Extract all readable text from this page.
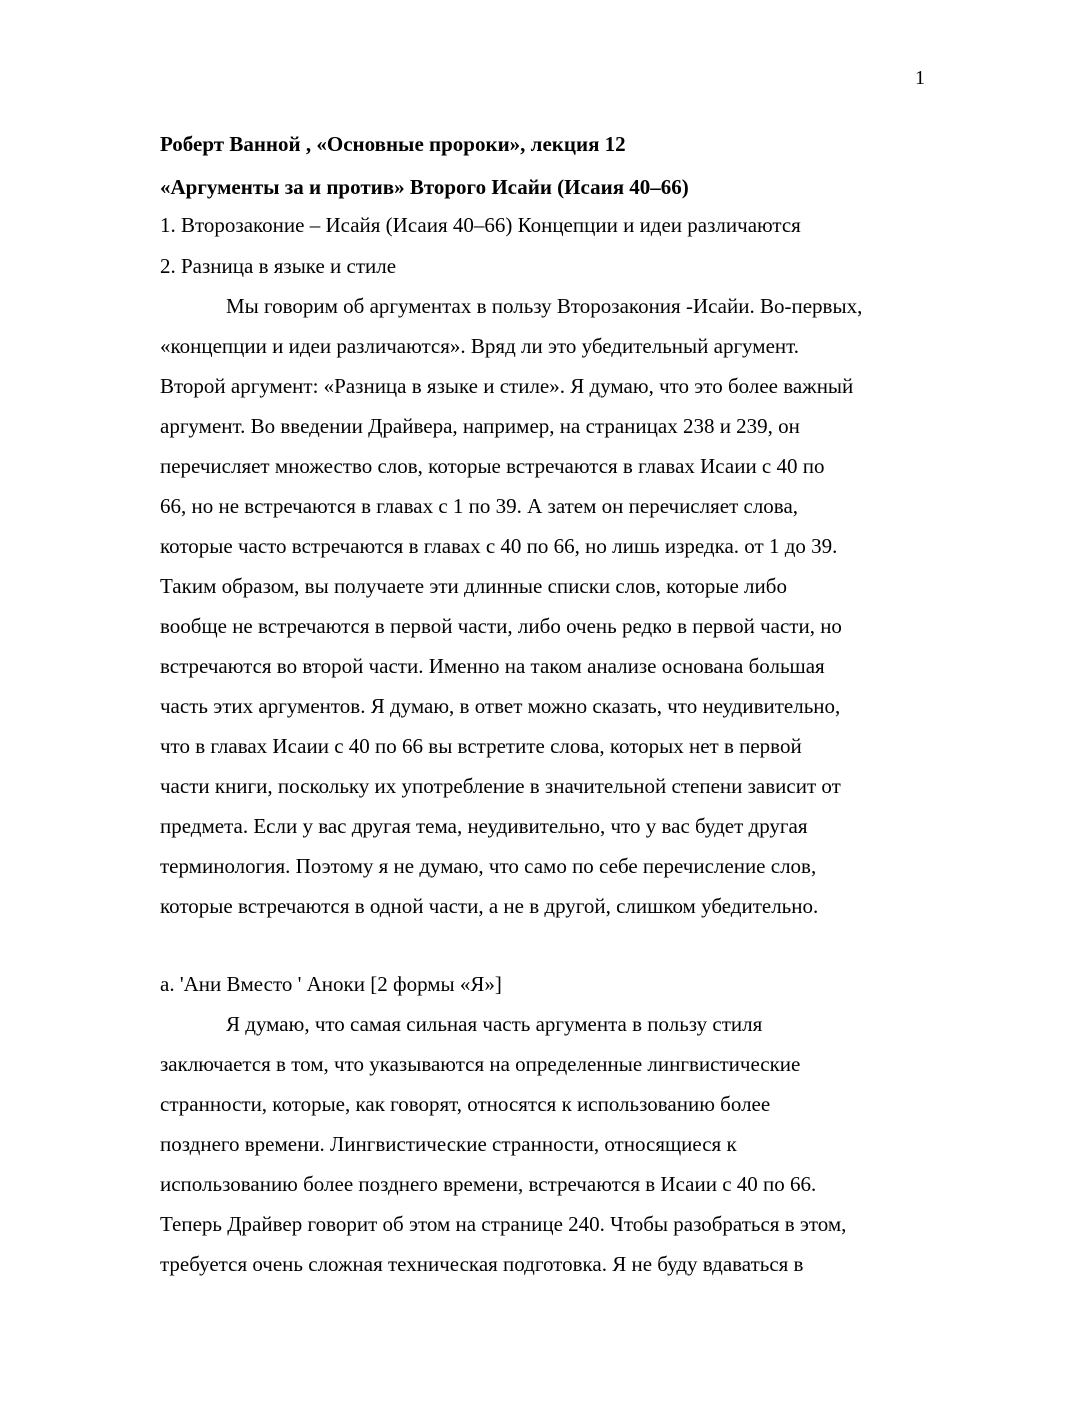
1
Роберт Ванной , «Основные пророки», лекция 12
«Аргументы за и против» Второго Исайи (Исаия 40–66)
1. Второзаконие – Исайя (Исаия 40–66) Концепции и идеи различаются
2. Разница в языке и стиле
Мы говорим об аргументах в пользу Второзакония -Исайи. Во-первых,
«концепции и идеи различаются». Вряд ли это убедительный аргумент.
Второй аргумент: «Разница в языке и стиле». Я думаю, что это более важный
аргумент. Во введении Драйвера, например, на страницах 238 и 239, он
перечисляет множество слов, которые встречаются в главах Исаии с 40 по
66, но не встречаются в главах с 1 по 39. А затем он перечисляет слова,
которые часто встречаются в главах с 40 по 66, но лишь изредка. от 1 до 39.
Таким образом, вы получаете эти длинные списки слов, которые либо
вообще не встречаются в первой части, либо очень редко в первой части, но
встречаются во второй части. Именно на таком анализе основана большая
часть этих аргументов. Я думаю, в ответ можно сказать, что неудивительно,
что в главах Исаии с 40 по 66 вы встретите слова, которых нет в первой
части книги, поскольку их употребление в значительной степени зависит от
предмета. Если у вас другая тема, неудивительно, что у вас будет другая
терминология. Поэтому я не думаю, что само по себе перечисление слов,
которые встречаются в одной части, а не в другой, слишком убедительно.
а. 'Ани Вместо ' Аноки [2 формы «Я»]
Я думаю, что самая сильная часть аргумента в пользу стиля
заключается в том, что указываются на определенные лингвистические
странности, которые, как говорят, относятся к использованию более
позднего времени. Лингвистические странности, относящиеся к
использованию более позднего времени, встречаются в Исаии с 40 по 66.
Теперь Драйвер говорит об этом на странице 240. Чтобы разобраться в этом,
требуется очень сложная техническая подготовка. Я не буду вдаваться в
